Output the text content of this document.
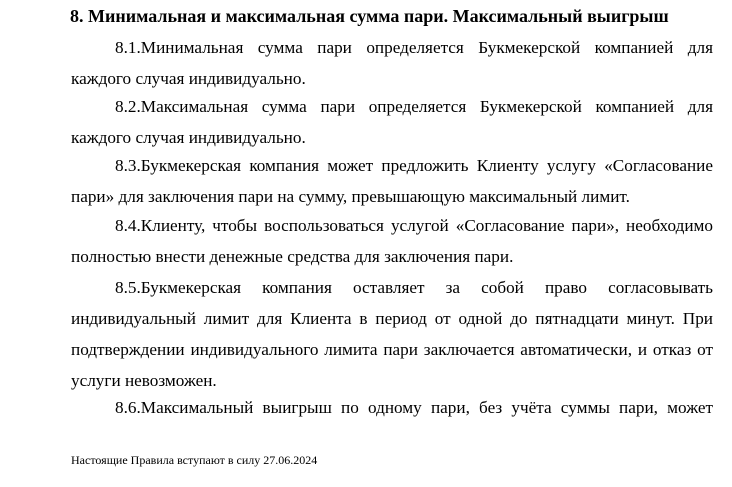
8. Минимальная и максимальная сумма пари. Максимальный выигрыш

8.1.Минимальная сумма пари определяется Букмекерской компанией для каждого случая индивидуально.

8.2.Максимальная сумма пари определяется Букмекерской компанией для каждого случая индивидуально.

8.3.Букмекерская компания может предложить Клиенту услугу «Согласование пари» для заключения пари на сумму, превышающую максимальный лимит.

8.4.Клиенту, чтобы воспользоваться услугой «Согласование пари», необходимо полностью внести денежные средства для заключения пари.

8.5.Букмекерская компания оставляет за собой право согласовывать индивидуальный лимит для Клиента в период от одной до пятнадцати минут. При подтверждении индивидуального лимита пари заключается автоматически, и отказ от услуги невозможен.

8.6.Максимальный выигрыш по одному пари, без учёта суммы пари, может

Настоящие Правила вступают в силу 27.06.2024
